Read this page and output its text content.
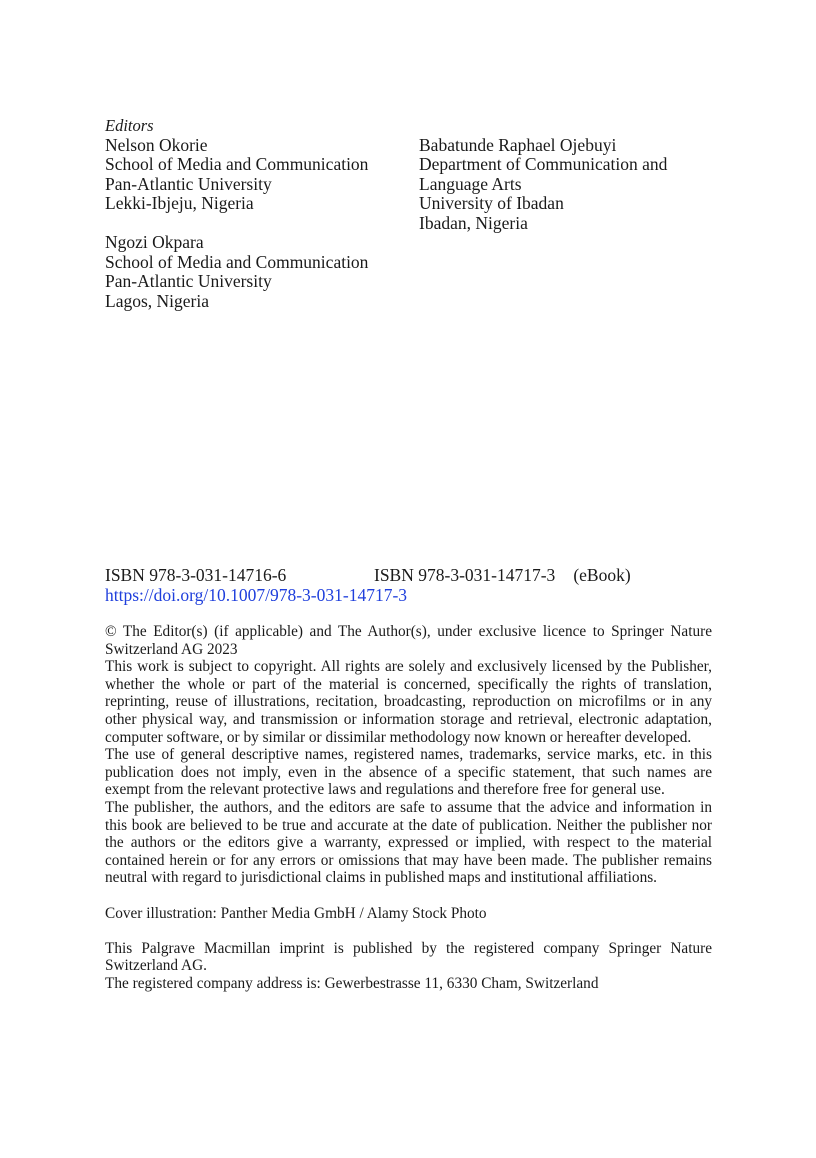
Editors
Nelson Okorie
School of Media and Communication
Pan-Atlantic University
Lekki-Ibjeju, Nigeria
Ngozi Okpara
School of Media and Communication
Pan-Atlantic University
Lagos, Nigeria
Babatunde Raphael Ojebuyi
Department of Communication and
Language Arts
University of Ibadan
Ibadan, Nigeria
ISBN 978-3-031-14716-6	ISBN 978-3-031-14717-3 (eBook)
https://doi.org/10.1007/978-3-031-14717-3

© The Editor(s) (if applicable) and The Author(s), under exclusive licence to Springer Nature Switzerland AG 2023

This work is subject to copyright. All rights are solely and exclusively licensed by the Publisher, whether the whole or part of the material is concerned, specifically the rights of translation, reprinting, reuse of illustrations, recitation, broadcasting, reproduction on microfilms or in any other physical way, and transmission or information storage and retrieval, electronic adaptation, computer software, or by similar or dissimilar methodology now known or hereafter developed.

The use of general descriptive names, registered names, trademarks, service marks, etc. in this publication does not imply, even in the absence of a specific statement, that such names are exempt from the relevant protective laws and regulations and therefore free for general use.

The publisher, the authors, and the editors are safe to assume that the advice and information in this book are believed to be true and accurate at the date of publication. Neither the publisher nor the authors or the editors give a warranty, expressed or implied, with respect to the material contained herein or for any errors or omissions that may have been made. The publisher remains neutral with regard to jurisdictional claims in published maps and institutional affiliations.

Cover illustration: Panther Media GmbH / Alamy Stock Photo

This Palgrave Macmillan imprint is published by the registered company Springer Nature Switzerland AG.

The registered company address is: Gewerbestrasse 11, 6330 Cham, Switzerland
